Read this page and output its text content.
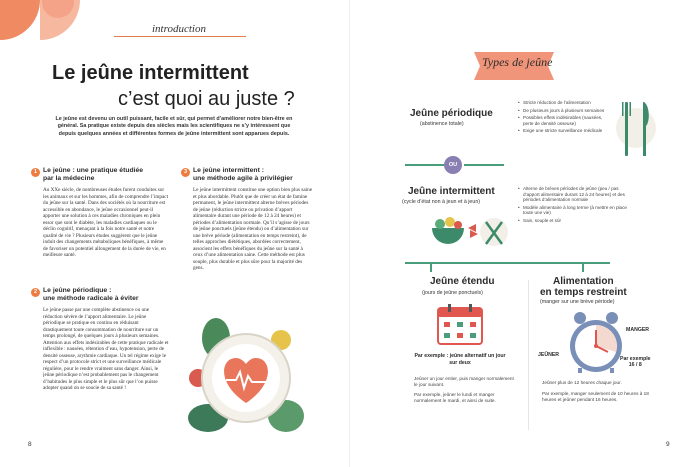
introduction
Le jeûne intermittent
c’est quoi au juste ?
Le jeûne est devenu un outil puissant, facile et sûr, qui permet d’améliorer notre bien-être en général. Sa pratique existe depuis des siècles mais les scientifiques ne s’y intéressent que depuis quelques années et différentes formes de jeûne intermittent sont apparues depuis.
1 Le jeûne : une pratique étudiée
par la médecine
Au XXe siècle, de nombreuses études furent conduites sur les animaux et sur les hommes, afin de comprendre l’impact du jeûne sur la santé. Dans des sociétés où la nourriture est accessible en abondance, le jeûne occasionnel peut-il apporter une solution à ces maladies chroniques en plein essor que sont le diabète, les maladies cardiaques ou le déclin cognitif, menaçant à la fois notre santé et notre qualité de vie ? Plusieurs études suggèrent que le jeûne induit des changements métaboliques bénéfiques, à même de favoriser un potentiel allongement de la durée de vie, en meilleure santé.
2 Le jeûne périodique :
une méthode radicale à éviter
Le jeûne passe par une complète abstinence ou une réduction sévère de l’apport alimentaire. Le jeûne périodique se pratique en continu en réduisant drastiquement toute consommation de nourriture sur un temps prolongé, de quelques jours à plusieurs semaines. Attention aux effets indésirables de cette pratique radicale et inflexible : nausées, rétention d’eau, hypotension, perte de densité osseuse, arythmie cardiaque. Un tel régime exige le respect d’un protocole strict et une surveillance médicale régulière, pour le rendre vraiment sans danger. Ainsi, le jeûne périodique n’est probablement pas le changement d’habitudes le plus simple et le plus sûr que l’on puisse adopter quand on se soucie de sa santé !
3 Le jeûne intermittent :
une méthode agile à privilégier
Le jeûne intermittent constitue une option bien plus saine et plus abordable. Plutôt que de créer un état de famine permanent, le jeûne intermittent alterne brèves périodes de jeûne (réduction stricte ou privation d’apport alimentaire durant une période de 12 à 24 heures) et périodes d’alimentation normale. Qu’il s’agisse de jours de jeûne ponctuels (jeûne étendu) ou d’alimentation sur une brève période (alimentation en temps restreint), de telles approches diététiques, abordées correctement, associent les effets bénéfiques du jeûne sur la santé à ceux d’une alimentation saine. Cette méthode est plus souple, plus durable et plus sûre pour la majorité des gens.
8
Types de jeûne
Jeûne périodique
(abstinence totale)
• Stricte réduction de l’alimentation
• De plusieurs jours à plusieurs semaines
• Possibles effets indésirables (nausées, perte de densité osseuse)
• Exige une stricte surveillance médicale
OU
Jeûne intermittent
(cycle d’état non à jeun et à jeun)
• Alterne de brèves périodes de jeûne (peu / pas d’apport alimentaire durant 12 à 24 heures) et des périodes d’alimentation normale
• Modèle alimentaire à long terme (à mettre en place toute une vie)
• Sain, souple et sûr
Jeûne étendu
(jours de jeûne ponctuels)
Par exemple : jeûne alternatif un jour sur deux
Jeûner un jour entier, puis manger normalement le jour suivant.
Par exemple, jeûner le lundi et manger normalement le mardi, et ainsi de suite.
Alimentation
en temps restreint
(manger sur une brève période)
MANGER
JEÛNER
Par exemple
16 / 8
Jeûner plus de 12 heures chaque jour.
Par exemple, manger seulement de 10 heures à 18 heures et jeûner pendant 16 heures.
9
